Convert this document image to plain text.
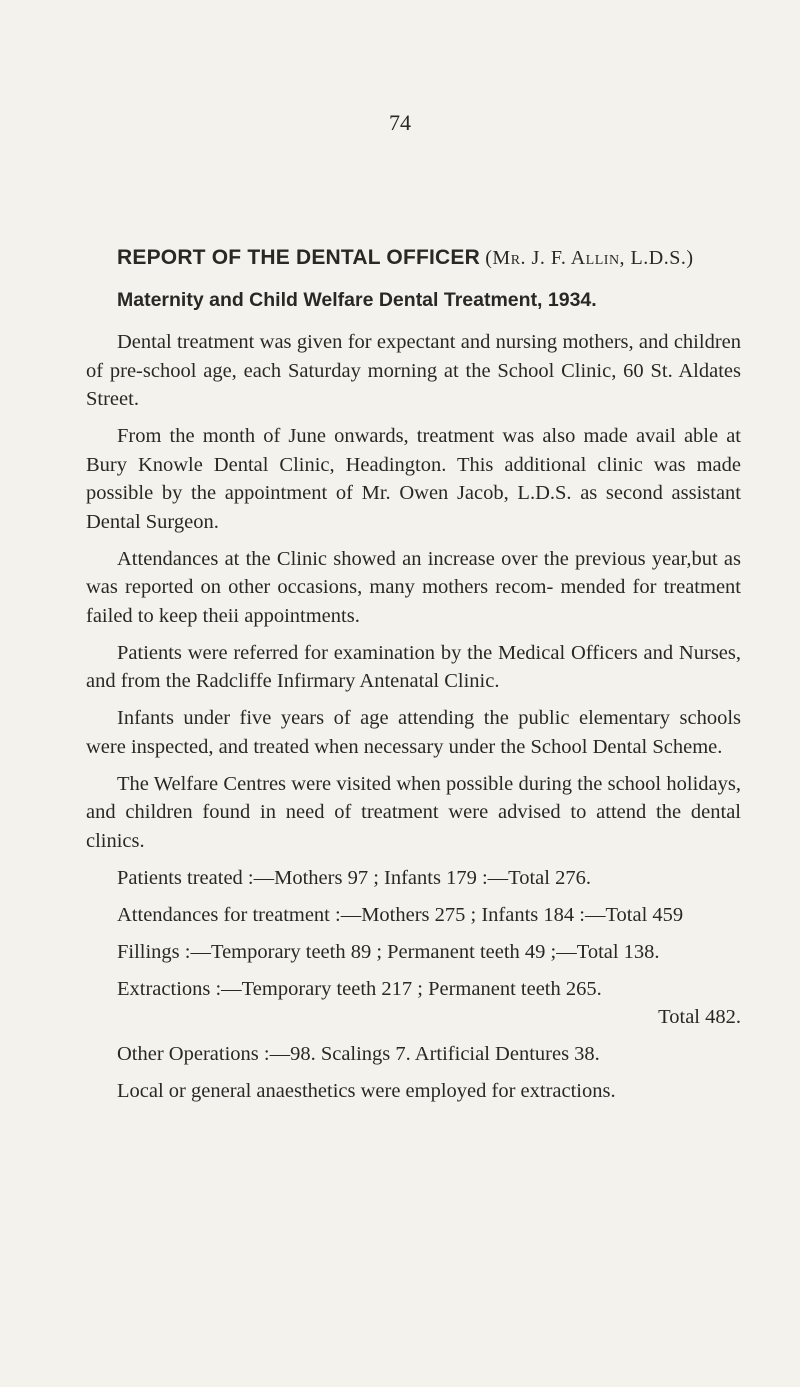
74
REPORT OF THE DENTAL OFFICER (Mr. J. F. Allin, L.D.S.)
Maternity and Child Welfare Dental Treatment, 1934.

Dental treatment was given for expectant and nursing mothers, and children of pre-school age, each Saturday morning at the School Clinic, 60 St. Aldates Street.

From the month of June onwards, treatment was also made avail able at Bury Knowle Dental Clinic, Headington. This additional clinic was made possible by the appointment of Mr. Owen Jacob, L.D.S. as second assistant Dental Surgeon.

Attendances at the Clinic showed an increase over the previous year,but as was reported on other occasions, many mothers recom- mended for treatment failed to keep theii appointments.

Patients were referred for examination by the Medical Officers and Nurses, and from the Radcliffe Infirmary Antenatal Clinic.

Infants under five years of age attending the public elementary schools were inspected, and treated when necessary under the School Dental Scheme.

The Welfare Centres were visited when possible during the school holidays, and children found in need of treatment were advised to attend the dental clinics.

Patients treated :—Mothers 97 ; Infants 179 :—Total 276.

Attendances for treatment :—Mothers 275 ; Infants 184 :—Total 459

Fillings :—Temporary teeth 89 ; Permanent teeth 49 ;—Total 138.

Extractions :—Temporary teeth 217 ; Permanent teeth 265.

Total 482.

Other Operations :—98. Scalings 7. Artificial Dentures 38.

Local or general anaesthetics were employed for extractions.
